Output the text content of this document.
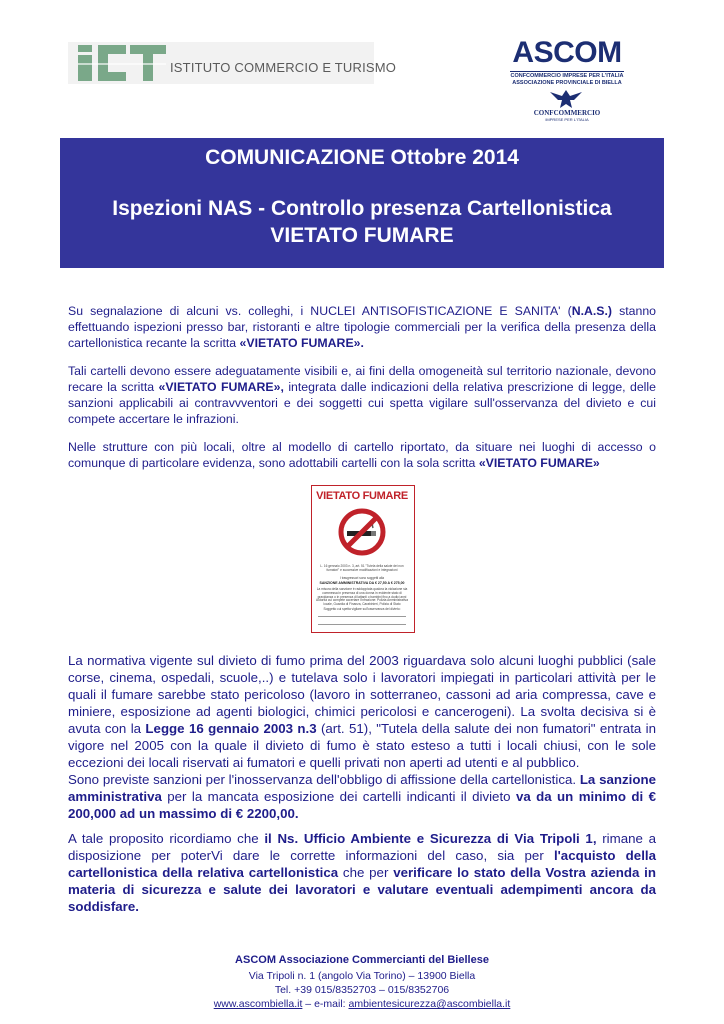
ISTITUTO COMMERCIO E TURISMO	ASCOM
CONFCOMMERCIO IMPRESE PER L'ITALIA
ASSOCIAZIONE PROVINCIALE DI BIELLA
CONFCOMMERCIO
IMPRESE PER L'ITALIA
COMUNICAZIONE Ottobre 2014
Ispezioni NAS - Controllo presenza Cartellonistica
VIETATO FUMARE
Su segnalazione di alcuni vs. colleghi, i NUCLEI ANTISOFISTICAZIONE E SANITA' (N.A.S.) stanno effettuando ispezioni presso bar, ristoranti e altre tipologie commerciali per la verifica della presenza della cartellonistica recante la scritta «VIETATO FUMARE».
Tali cartelli devono essere adeguatamente visibili e, ai fini della omogeneità sul territorio nazionale, devono recare la scritta «VIETATO FUMARE», integrata dalle indicazioni della relativa prescrizione di legge, delle sanzioni applicabili ai contravvventori e dei soggetti cui spetta vigilare sull'osservanza del divieto e cui compete accertare le infrazioni.
Nelle strutture con più locali, oltre al modello di cartello riportato, da situare nei luoghi di accesso o comunque di particolare evidenza, sono adottabili cartelli con la sola scritta «VIETATO FUMARE»
VIETATO FUMARE
L. 16 gennaio 2003 n. 3, art. 51 "Tutela della salute dei non fumatori" e successive modificazioni e integrazioni
I trasgressori sono soggetti alla
SANZIONE AMMINISTRATIVA DA € 27,50 A € 275,00
La misura della sanzione è raddoppiata qualora la violazione sia commessa in presenza di una donna in evidente stato di gravidanza o in presenza di lattanti o bambini fino a dodici anni
Autorità cui compete accertare l'infrazione: Polizia Amministrativa locale, Guardia di Finanza, Carabinieri, Polizia di Stato
Soggetto cui spetta vigilare sull'osservanza del divieto:
La normativa vigente sul divieto di fumo prima del 2003 riguardava solo alcuni luoghi pubblici (sale corse, cinema, ospedali, scuole,..) e tutelava solo i lavoratori impiegati in particolari attività per le quali il fumare sarebbe stato pericoloso (lavoro in sotterraneo, cassoni ad aria compressa, cave e miniere, esposizione ad agenti biologici, chimici pericolosi e cancerogeni). La svolta decisiva si è avuta con la Legge 16 gennaio 2003 n.3 (art. 51), "Tutela della salute dei non fumatori" entrata in vigore nel 2005 con la quale il divieto di fumo è stato esteso a tutti i locali chiusi, con le sole eccezioni dei locali riservati ai fumatori e quelli privati non aperti ad utenti e al pubblico.
Sono previste sanzioni per l'inosservanza dell'obbligo di affissione della cartellonistica. La sanzione amministrativa per la mancata esposizione dei cartelli indicanti il divieto va da un minimo di € 200,000 ad un massimo di € 2200,00.
A tale proposito ricordiamo che il Ns. Ufficio Ambiente e Sicurezza di Via Tripoli 1, rimane a disposizione per poterVi dare le corrette informazioni del caso, sia per l'acquisto della cartellonistica della relativa cartellonistica che per verificare lo stato della Vostra azienda in materia di sicurezza e salute dei lavoratori e valutare eventuali adempimenti ancora da soddisfare.
ASCOM Associazione Commercianti del Biellese
Via Tripoli n. 1 (angolo Via Torino) – 13900 Biella
Tel. +39 015/8352703 – 015/8352706
www.ascombiella.it – e-mail: ambientesicurezza@ascombiella.it
